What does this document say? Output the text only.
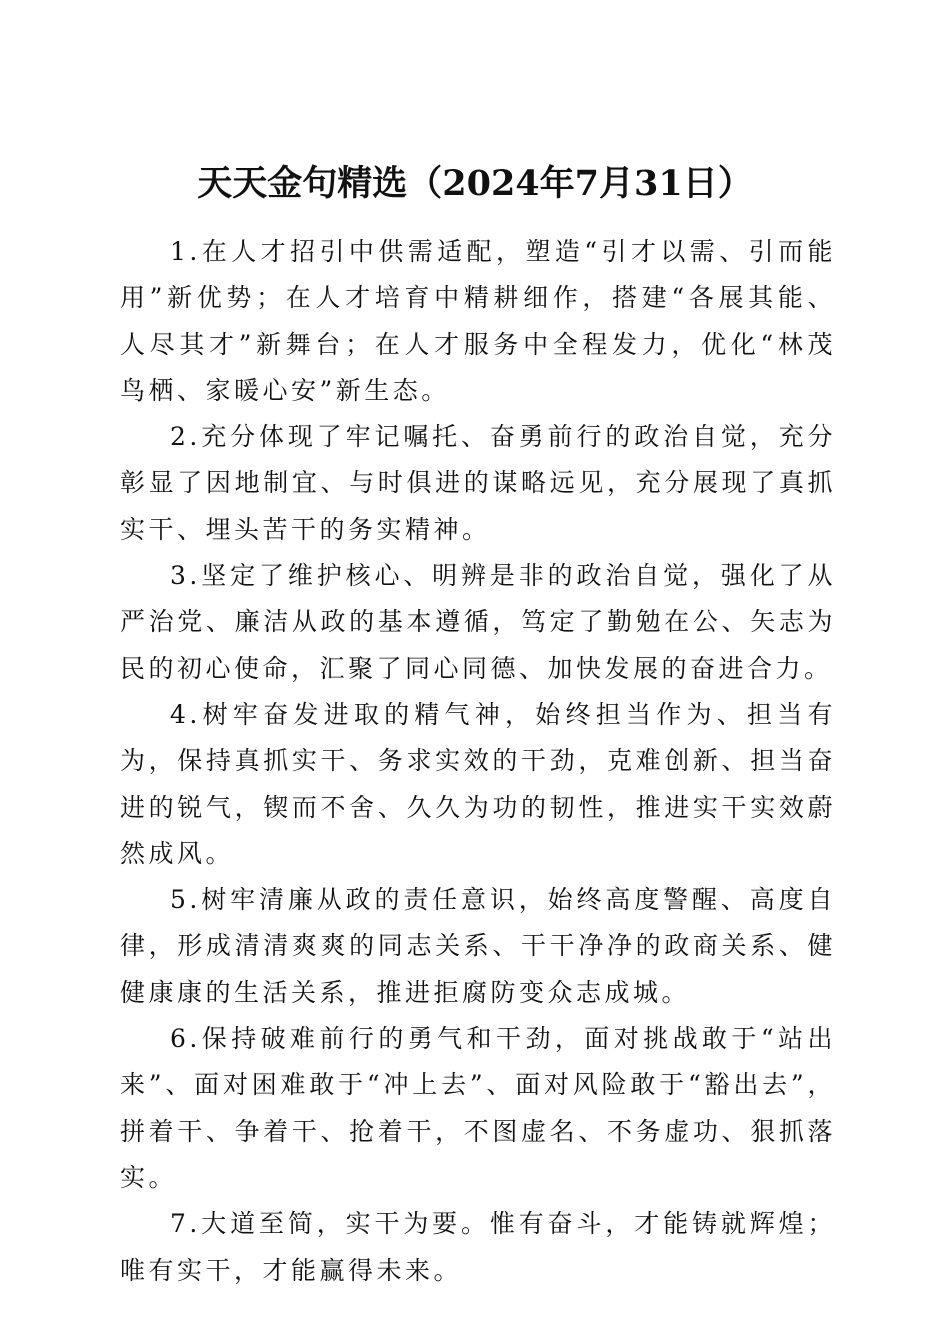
天天金句精选（2024年7月31日）

1.在人才招引中供需适配，塑造“引才以需、引而能用”新优势；在人才培育中精耕细作，搭建“各展其能、人尽其才”新舞台；在人才服务中全程发力，优化“林茂鸟栖、家暖心安”新生态。

2.充分体现了牢记嘱托、奋勇前行的政治自觉，充分彰显了因地制宜、与时俱进的谋略远见，充分展现了真抓实干、埋头苦干的务实精神。

3.坚定了维护核心、明辨是非的政治自觉，强化了从严治党、廉洁从政的基本遵循，笃定了勤勉在公、矢志为民的初心使命，汇聚了同心同德、加快发展的奋进合力。

4.树牢奋发进取的精气神，始终担当作为、担当有为，保持真抓实干、务求实效的干劲，克难创新、担当奋进的锐气，锲而不舍、久久为功的韧性，推进实干实效蔚然成风。

5.树牢清廉从政的责任意识，始终高度警醒、高度自律，形成清清爽爽的同志关系、干干净净的政商关系、健健康康的生活关系，推进拒腐防变众志成城。

6.保持破难前行的勇气和干劲，面对挑战敢于“站出来”、面对困难敢于“冲上去”、面对风险敢于“豁出去”，拼着干、争着干、抢着干，不图虚名、不务虚功、狠抓落实。

7.大道至简，实干为要。惟有奋斗，才能铸就辉煌；唯有实干，才能赢得未来。
